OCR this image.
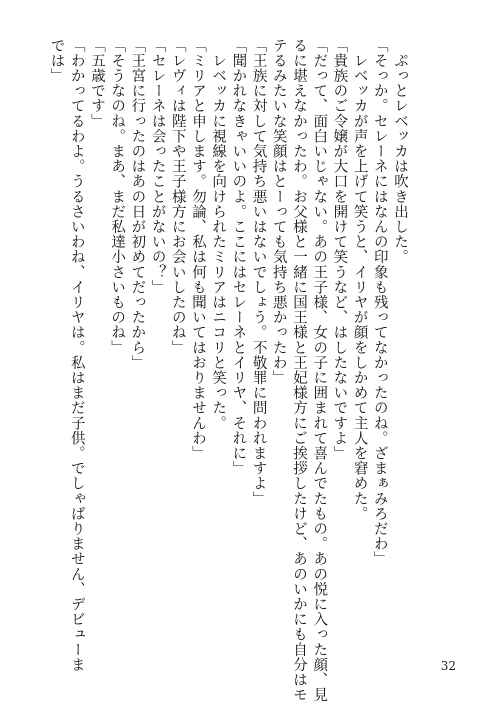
　ぷっとレベッカは吹き出した。
「そっか。セレーネにはなんの印象も残ってなかったのね。ざまぁみろだわ」
　レベッカが声を上げて笑うと、イリヤが顔をしかめて主人を窘めた。
「貴族のご令嬢が大口を開けて笑うなど、はしたないですよ」
「だって、面白いじゃない。あの王子様、女の子に囲まれて喜んでたもの。あの悦に入った顔、見
るに堪えなかったわ。お父様と一緒に国王様と王妃様方にご挨拶したけど、あのいかにも自分はモ
テるみたいな笑顔はとーっても気持ち悪かったわ」
「王族に対して気持ち悪いはないでしょう。不敬罪に問われますよ」
「聞かれなきゃいいのよ。ここにはセレーネとイリヤ、それに」
　レベッカに視線を向けられたミリアはニコリと笑った。
「ミリアと申します。勿論、私は何も聞いてはおりませんわ」
「レヴィは陛下や王子様方にお会いしたのね」
「セレーネは会ったことがないの？」
「王宮に行ったのはあの日が初めてだったから」
「そうなのね。まあ、まだ私達小さいものね」
「五歳です」
「わかってるわよ。うるさいわね、イリヤは。私はまだ子供。でしゃばりません、デビューま
では」
32
